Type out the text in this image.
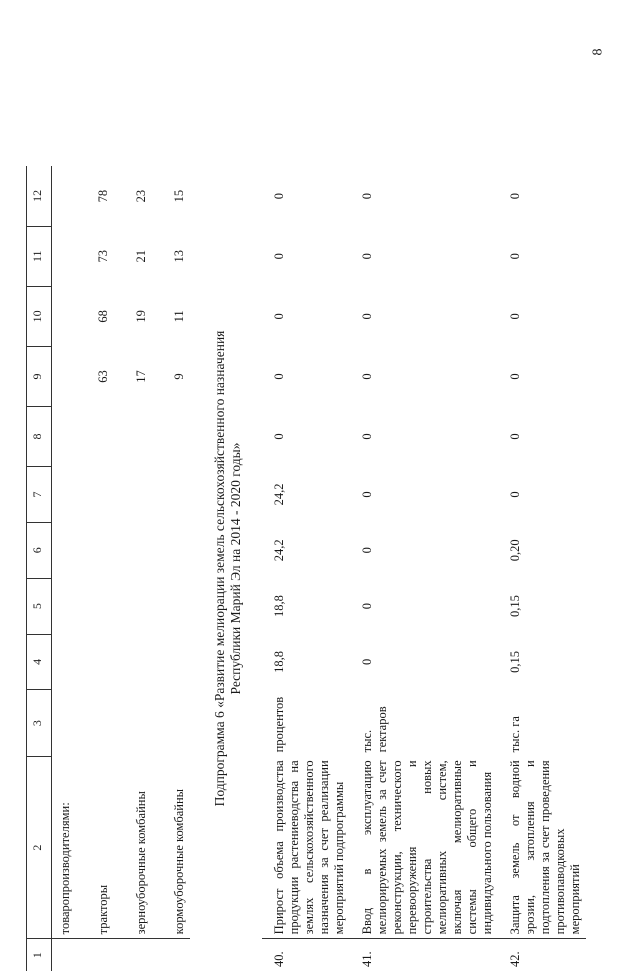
8
1	2	3	4	5	6	7	8	9	10	11	12
	товаропроизводителями:										
	тракторы							63	68	73	78
	зерноуборочные комбайны							17	19	21	23
	кормоуборочные комбайны							9	11	13	15

Подпрограмма 6 «Развитие мелиорации земель сельскохозяйственного назначения Республики Марий Эл на 2014 - 2020 годы»											

40.	Прирост объема производства продукции растениеводства на землях сельскохозяйственного назначения за счет реализации мероприятий подпрограммы	процентов	18,8	18,8	24,2	24,2	0	0	0	0	0
41.	Ввод в эксплуатацию мелиорируемых земель за счет реконструкции, технического перевооружения и строительства новых мелиоративных систем, включая мелиоративные системы общего и индивидуального пользования	тыс. гектаров	0	0	0	0	0	0	0	0	0
42.	Защита земель от водной эрозии, затопления и подтопления за счет проведения противопаводковых мероприятий	тыс. га	0,15	0,15	0,20	0	0	0	0	0	0
